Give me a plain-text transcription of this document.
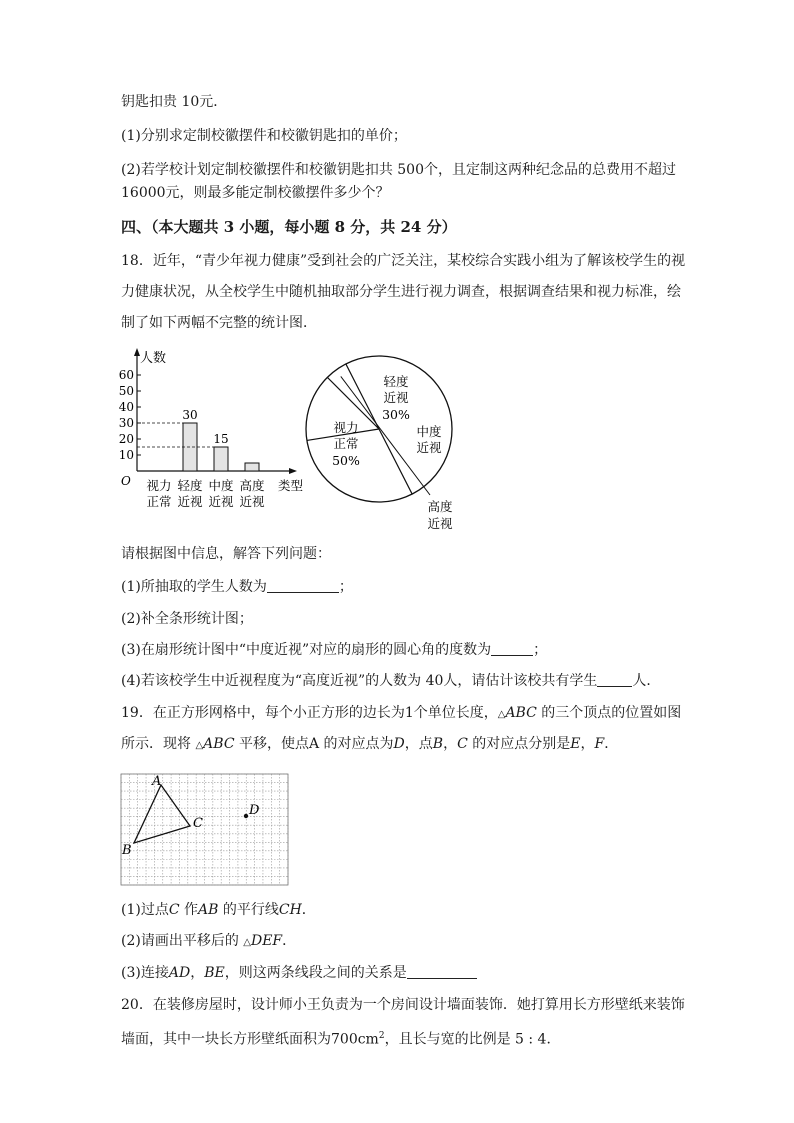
钥匙扣贵 10元．
(1)分别求定制校徽摆件和校徽钥匙扣的单价；
(2)若学校计划定制校徽摆件和校徽钥匙扣共 500个，且定制这两种纪念品的总费用不超过
16000元，则最多能定制校徽摆件多少个？
四、（本大题共 3 小题，每小题 8 分，共 24 分）
18．近年，“青少年视力健康”受到社会的广泛关注，某校综合实践小组为了解该校学生的视
力健康状况，从全校学生中随机抽取部分学生进行视力调查，根据调查结果和视力标准，绘
制了如下两幅不完整的统计图．
人数
O	类型
10
20
30
40
50
60
视力
正常
轻度
近视
30
中度
近视
15
高度
近视
视力
正常
50%
轻度
近视
30%
中度
近视
高度
近视
请根据图中信息，解答下列问题：
(1)所抽取的学生人数为	；
(2)补全条形统计图；
(3)在扇形统计图中“中度近视”对应的扇形的圆心角的度数为	；
(4)若该校学生中近视程度为“高度近视”的人数为 40人，请估计该校共有学生	人．
19．在正方形网格中，每个小正方形的边长为1个单位长度，△ABC 的三个顶点的位置如图
所示．现将 △ABC 平移，使点A 的对应点为D，点B，C 的对应点分别是E，F．
A
B
C
D
(1)过点C 作AB 的平行线CH．
(2)请画出平移后的 △DEF．
(3)连接AD，BE，则这两条线段之间的关系是
20．在装修房屋时，设计师小王负责为一个房间设计墙面装饰．她打算用长方形壁纸来装饰
墙面，其中一块长方形壁纸面积为$700cm^2$，且长与宽的比例是 5 : 4．
